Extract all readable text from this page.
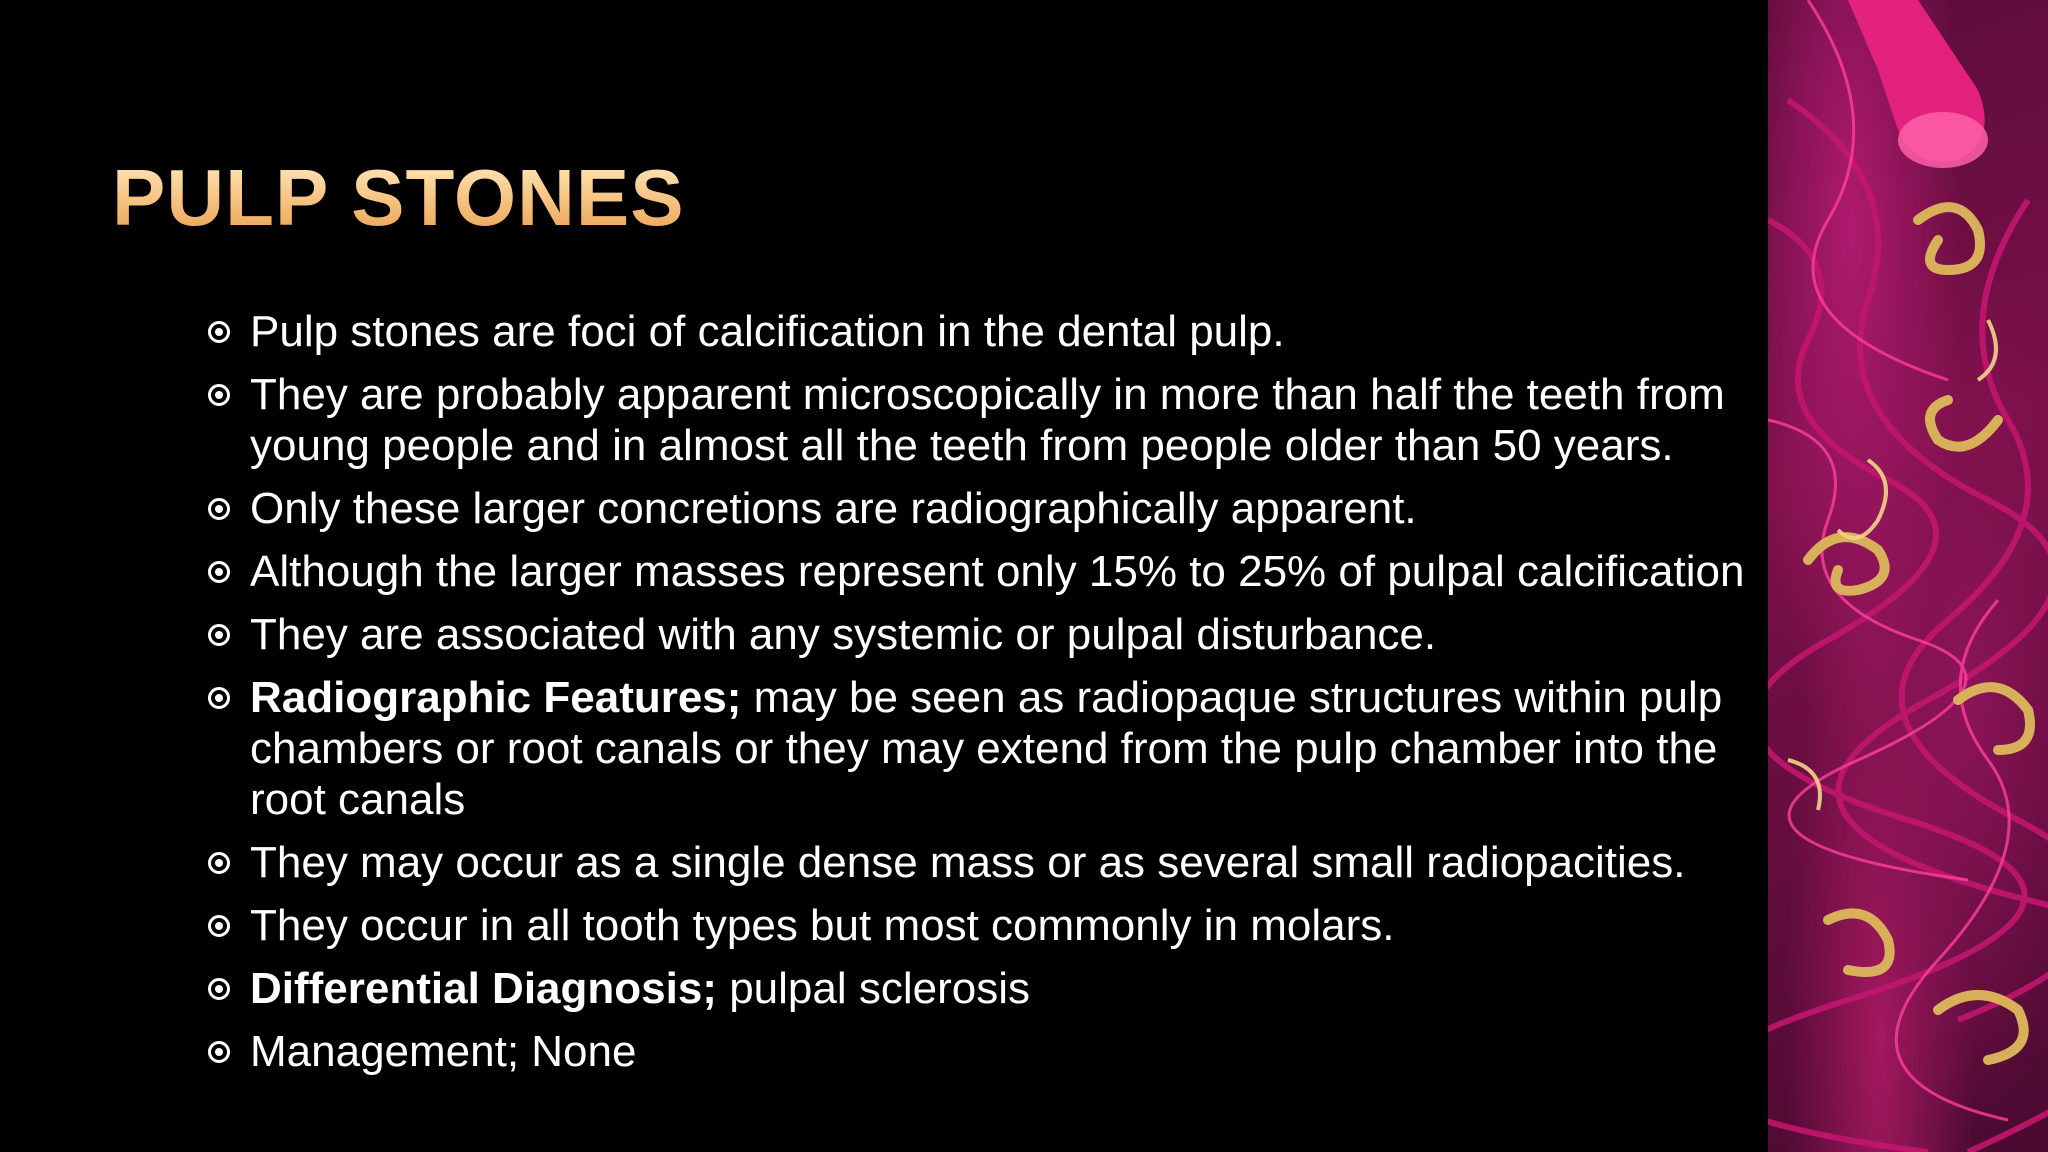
PULP STONES
Pulp stones are foci of calcification in the dental pulp.
They are probably apparent microscopically in more than half the teeth from
young people and in almost all the teeth from people older than 50 years.
Only these larger concretions are radiographically apparent.
Although the larger masses represent only 15% to 25% of pulpal calcification
They are associated with any systemic or pulpal disturbance.
Radiographic Features; may be seen as radiopaque structures within pulp
chambers or root canals or they may extend from the pulp chamber into the
root canals
They may occur as a single dense mass or as several small radiopacities.
They occur in all tooth types but most commonly in molars.
Differential Diagnosis; pulpal sclerosis
Management; None
